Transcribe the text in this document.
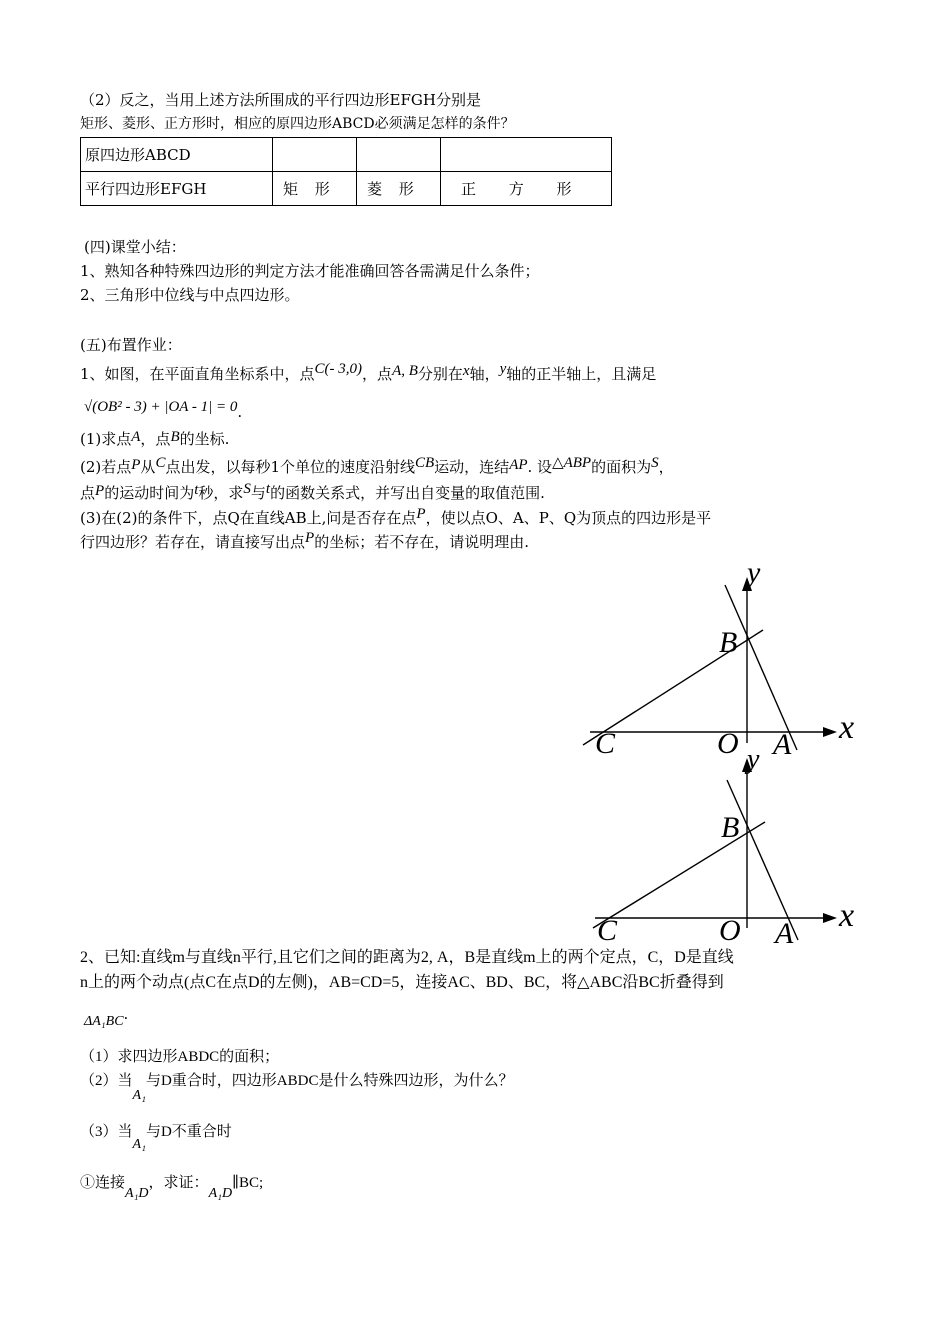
（2）反之，当用上述方法所围成的平行四边形EFGH分别是
矩形、菱形、正方形时，相应的原四边形ABCD必须满足怎样的条件？
原四边形ABCD			
平行四边形EFGH	矩 形	菱 形	正 方 形
(四)课堂小结：
1、熟知各种特殊四边形的判定方法才能准确回答各需满足什么条件；
2、三角形中位线与中点四边形。
(五)布置作业：
1、如图，在平面直角坐标系中，点C(- 3,0)，点A, B分别在x轴，y轴的正半轴上，且满足
√(OB² - 3) + |OA - 1| = 0.
(1)求点A，点B的坐标.
(2)若点P从C点出发，以每秒1个单位的速度沿射线CB运动，连结AP. 设△ABP的面积为S，
点P的运动时间为t秒，求S与t的函数关系式，并写出自变量的取值范围.
(3)在(2)的条件下，点Q在直线AB上,问是否存在点P，使以点O、A、P、Q为顶点的四边形是平
行四边形？若存在，请直接写出点P的坐标；若不存在，请说明理由.
y
x
B
C	O A
y
x
B
C	O A
2、已知:直线m与直线n平行,且它们之间的距离为2, A，B是直线m上的两个定点，C，D是直线
n上的两个动点(点C在点D的左侧)，AB=CD=5，连接AC、BD、BC，将△ABC沿BC折叠得到
ΔA₁BC.
（1）求四边形ABDC的面积；
（2）当A₁与D重合时，四边形ABDC是什么特殊四边形，为什么？
（3）当A₁与D不重合时
①连接A₁D，求证：A₁D∥BC;
